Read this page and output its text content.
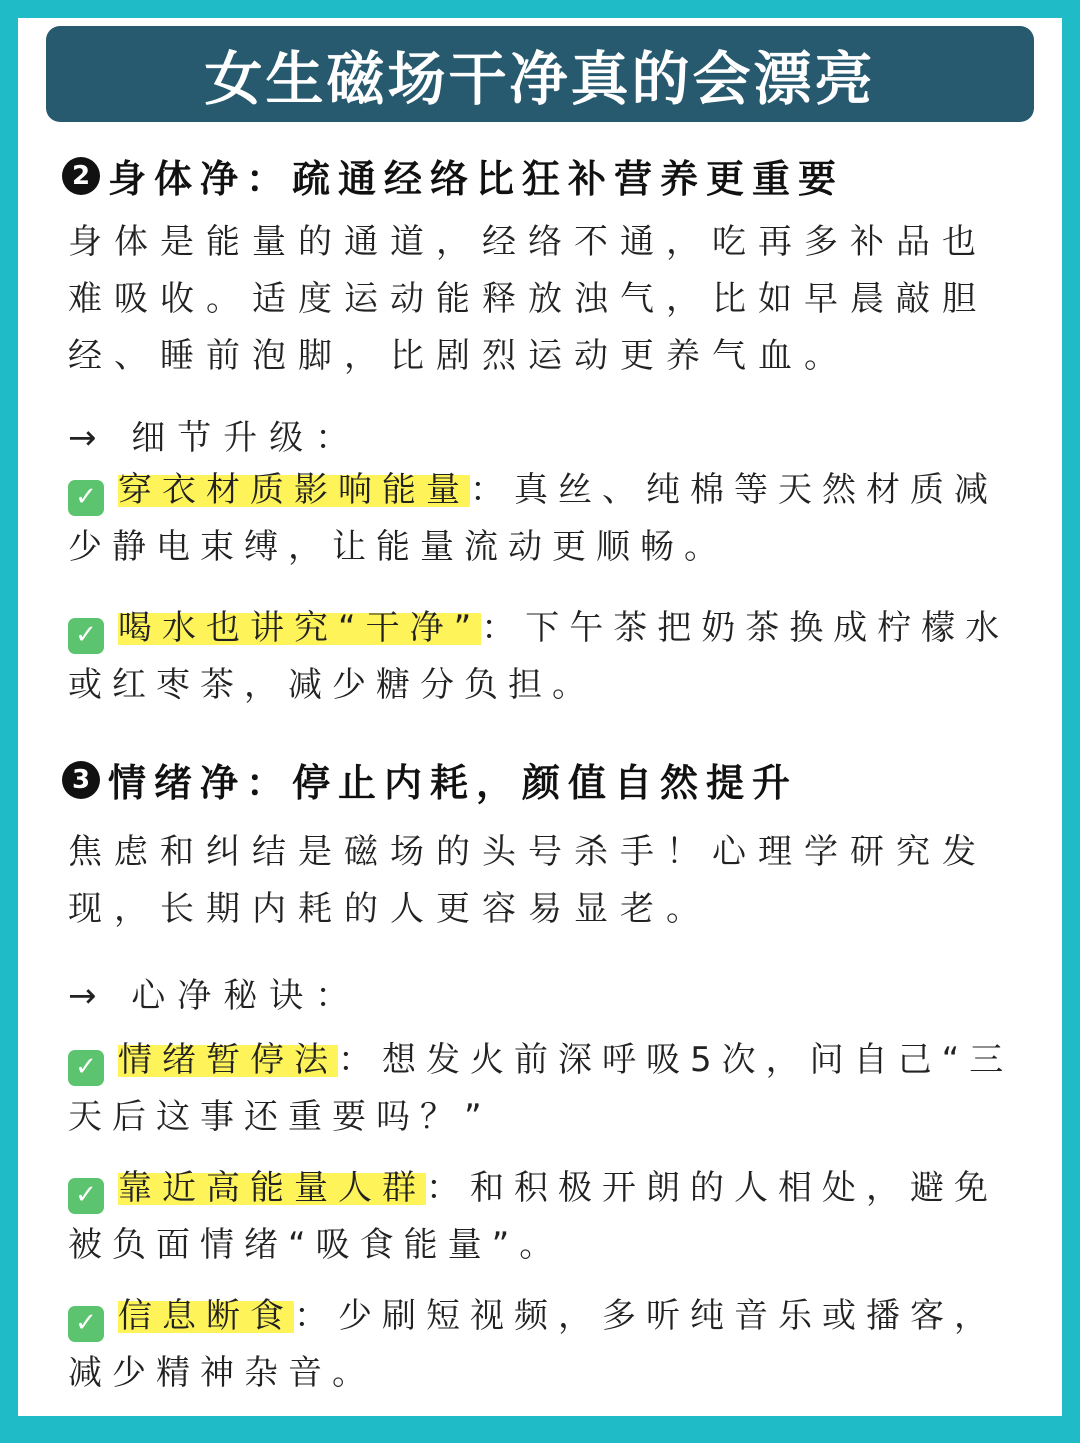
女生磁场干净真的会漂亮
2 身体净：疏通经络比狂补营养更重要
身体是能量的通道，经络不通，吃再多补品也难吸收。适度运动能释放浊气，比如早晨敲胆经、睡前泡脚，比剧烈运动更养气血。
→ 细节升级：
✓ 穿衣材质影响能量：真丝、纯棉等天然材质减少静电束缚，让能量流动更顺畅。
✓ 喝水也讲究“干净”：下午茶把奶茶换成柠檬水或红枣茶，减少糖分负担。
3 情绪净：停止内耗，颜值自然提升
焦虑和纠结是磁场的头号杀手！心理学研究发现，长期内耗的人更容易显老。
→ 心净秘诀：
✓ 情绪暂停法：想发火前深呼吸5次，问自己“三天后这事还重要吗？”
✓ 靠近高能量人群：和积极开朗的人相处，避免被负面情绪“吸食能量”。
✓ 信息断食：少刷短视频，多听纯音乐或播客，减少精神杂音。
